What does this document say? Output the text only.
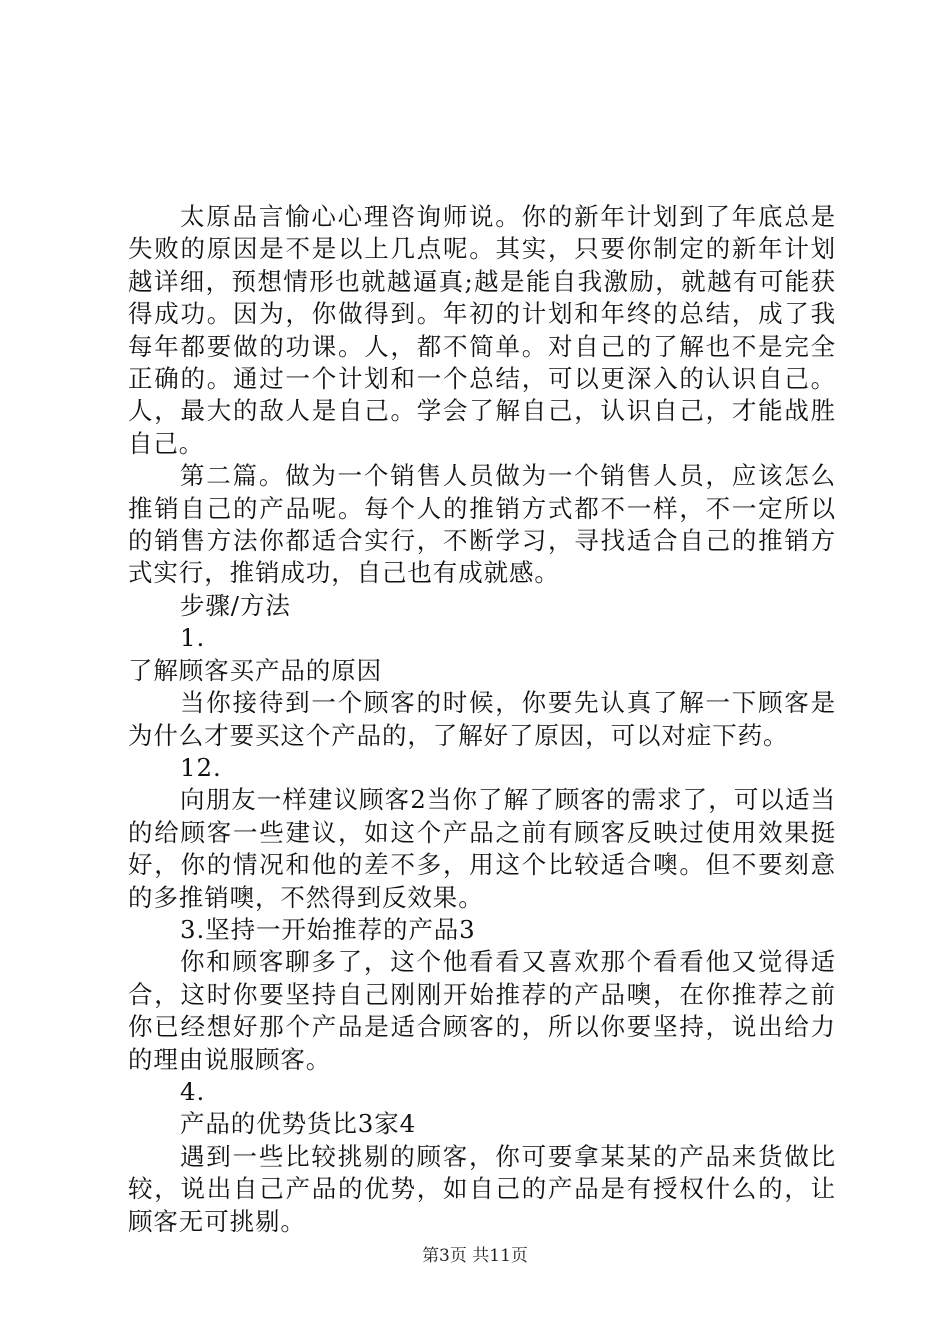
太原品言愉心心理咨询师说。你的新年计划到了年底总是失败的原因是不是以上几点呢。其实，只要你制定的新年计划越详细，预想情形也就越逼真;越是能自我激励，就越有可能获得成功。因为，你做得到。年初的计划和年终的总结，成了我每年都要做的功课。人，都不简单。对自己的了解也不是完全正确的。通过一个计划和一个总结，可以更深入的认识自己。人，最大的敌人是自己。学会了解自己，认识自己，才能战胜自己。

第二篇。做为一个销售人员做为一个销售人员，应该怎么推销自己的产品呢。每个人的推销方式都不一样，不一定所以的销售方法你都适合实行，不断学习，寻找适合自己的推销方式实行，推销成功，自己也有成就感。

步骤/方法

1.

了解顾客买产品的原因

当你接待到一个顾客的时候，你要先认真了解一下顾客是为什么才要买这个产品的，了解好了原因，可以对症下药。

12.

向朋友一样建议顾客2当你了解了顾客的需求了，可以适当的给顾客一些建议，如这个产品之前有顾客反映过使用效果挺好，你的情况和他的差不多，用这个比较适合噢。但不要刻意的多推销噢，不然得到反效果。

3.坚持一开始推荐的产品3

你和顾客聊多了，这个他看看又喜欢那个看看他又觉得适合，这时你要坚持自己刚刚开始推荐的产品噢，在你推荐之前你已经想好那个产品是适合顾客的，所以你要坚持，说出给力的理由说服顾客。

4.

产品的优势货比3家4

遇到一些比较挑剔的顾客，你可要拿某某的产品来货做比较，说出自己产品的优势，如自己的产品是有授权什么的，让顾客无可挑剔。

第3页 共11页
